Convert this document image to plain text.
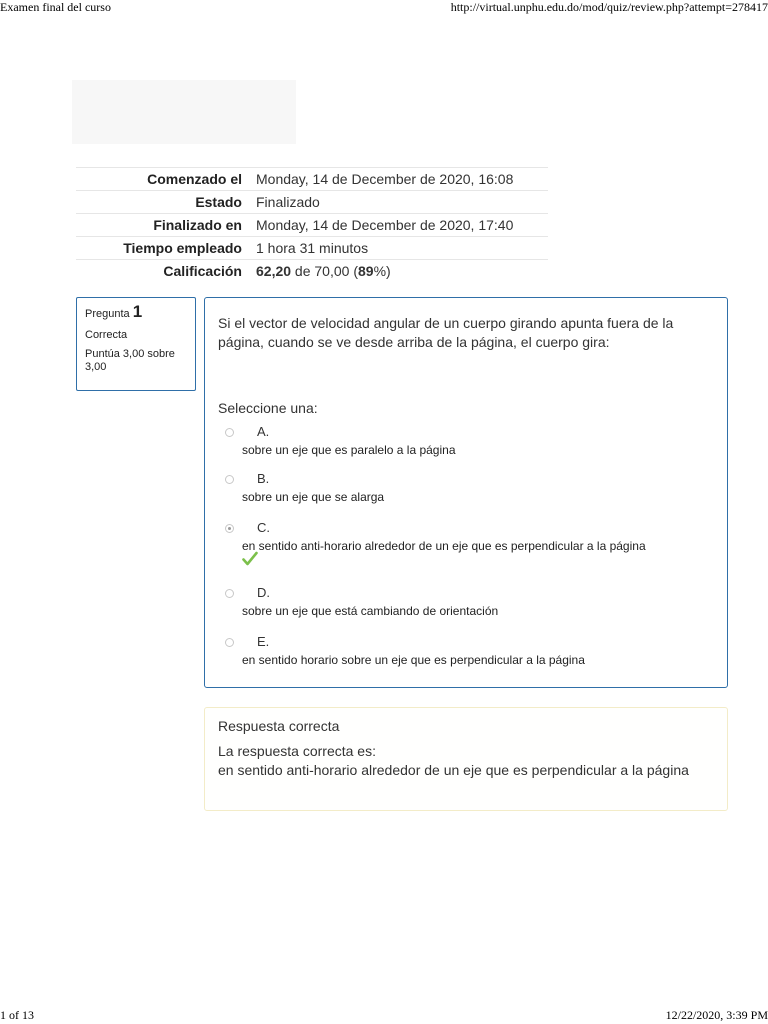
Examen final del curso	http://virtual.unphu.edu.do/mod/quiz/review.php?attempt=278417
Comenzado el	Monday, 14 de December de 2020, 16:08
Estado	Finalizado
Finalizado en	Monday, 14 de December de 2020, 17:40
Tiempo empleado	1 hora 31 minutos
Calificación	62,20 de 70,00 (89%)
Pregunta 1
Correcta
Puntúa 3,00 sobre 3,00
Si el vector de velocidad angular de un cuerpo girando apunta fuera de la página, cuando se ve desde arriba de la página, el cuerpo gira:
Seleccione una:
A.
sobre un eje que es paralelo a la página
B.
sobre un eje que se alarga
C.
en sentido anti-horario alrededor de un eje que es perpendicular a la página
D.
sobre un eje que está cambiando de orientación
E.
en sentido horario sobre un eje que es perpendicular a la página
Respuesta correcta
La respuesta correcta es:
en sentido anti-horario alrededor de un eje que es perpendicular a la página
1 of 13	12/22/2020, 3:39 PM
